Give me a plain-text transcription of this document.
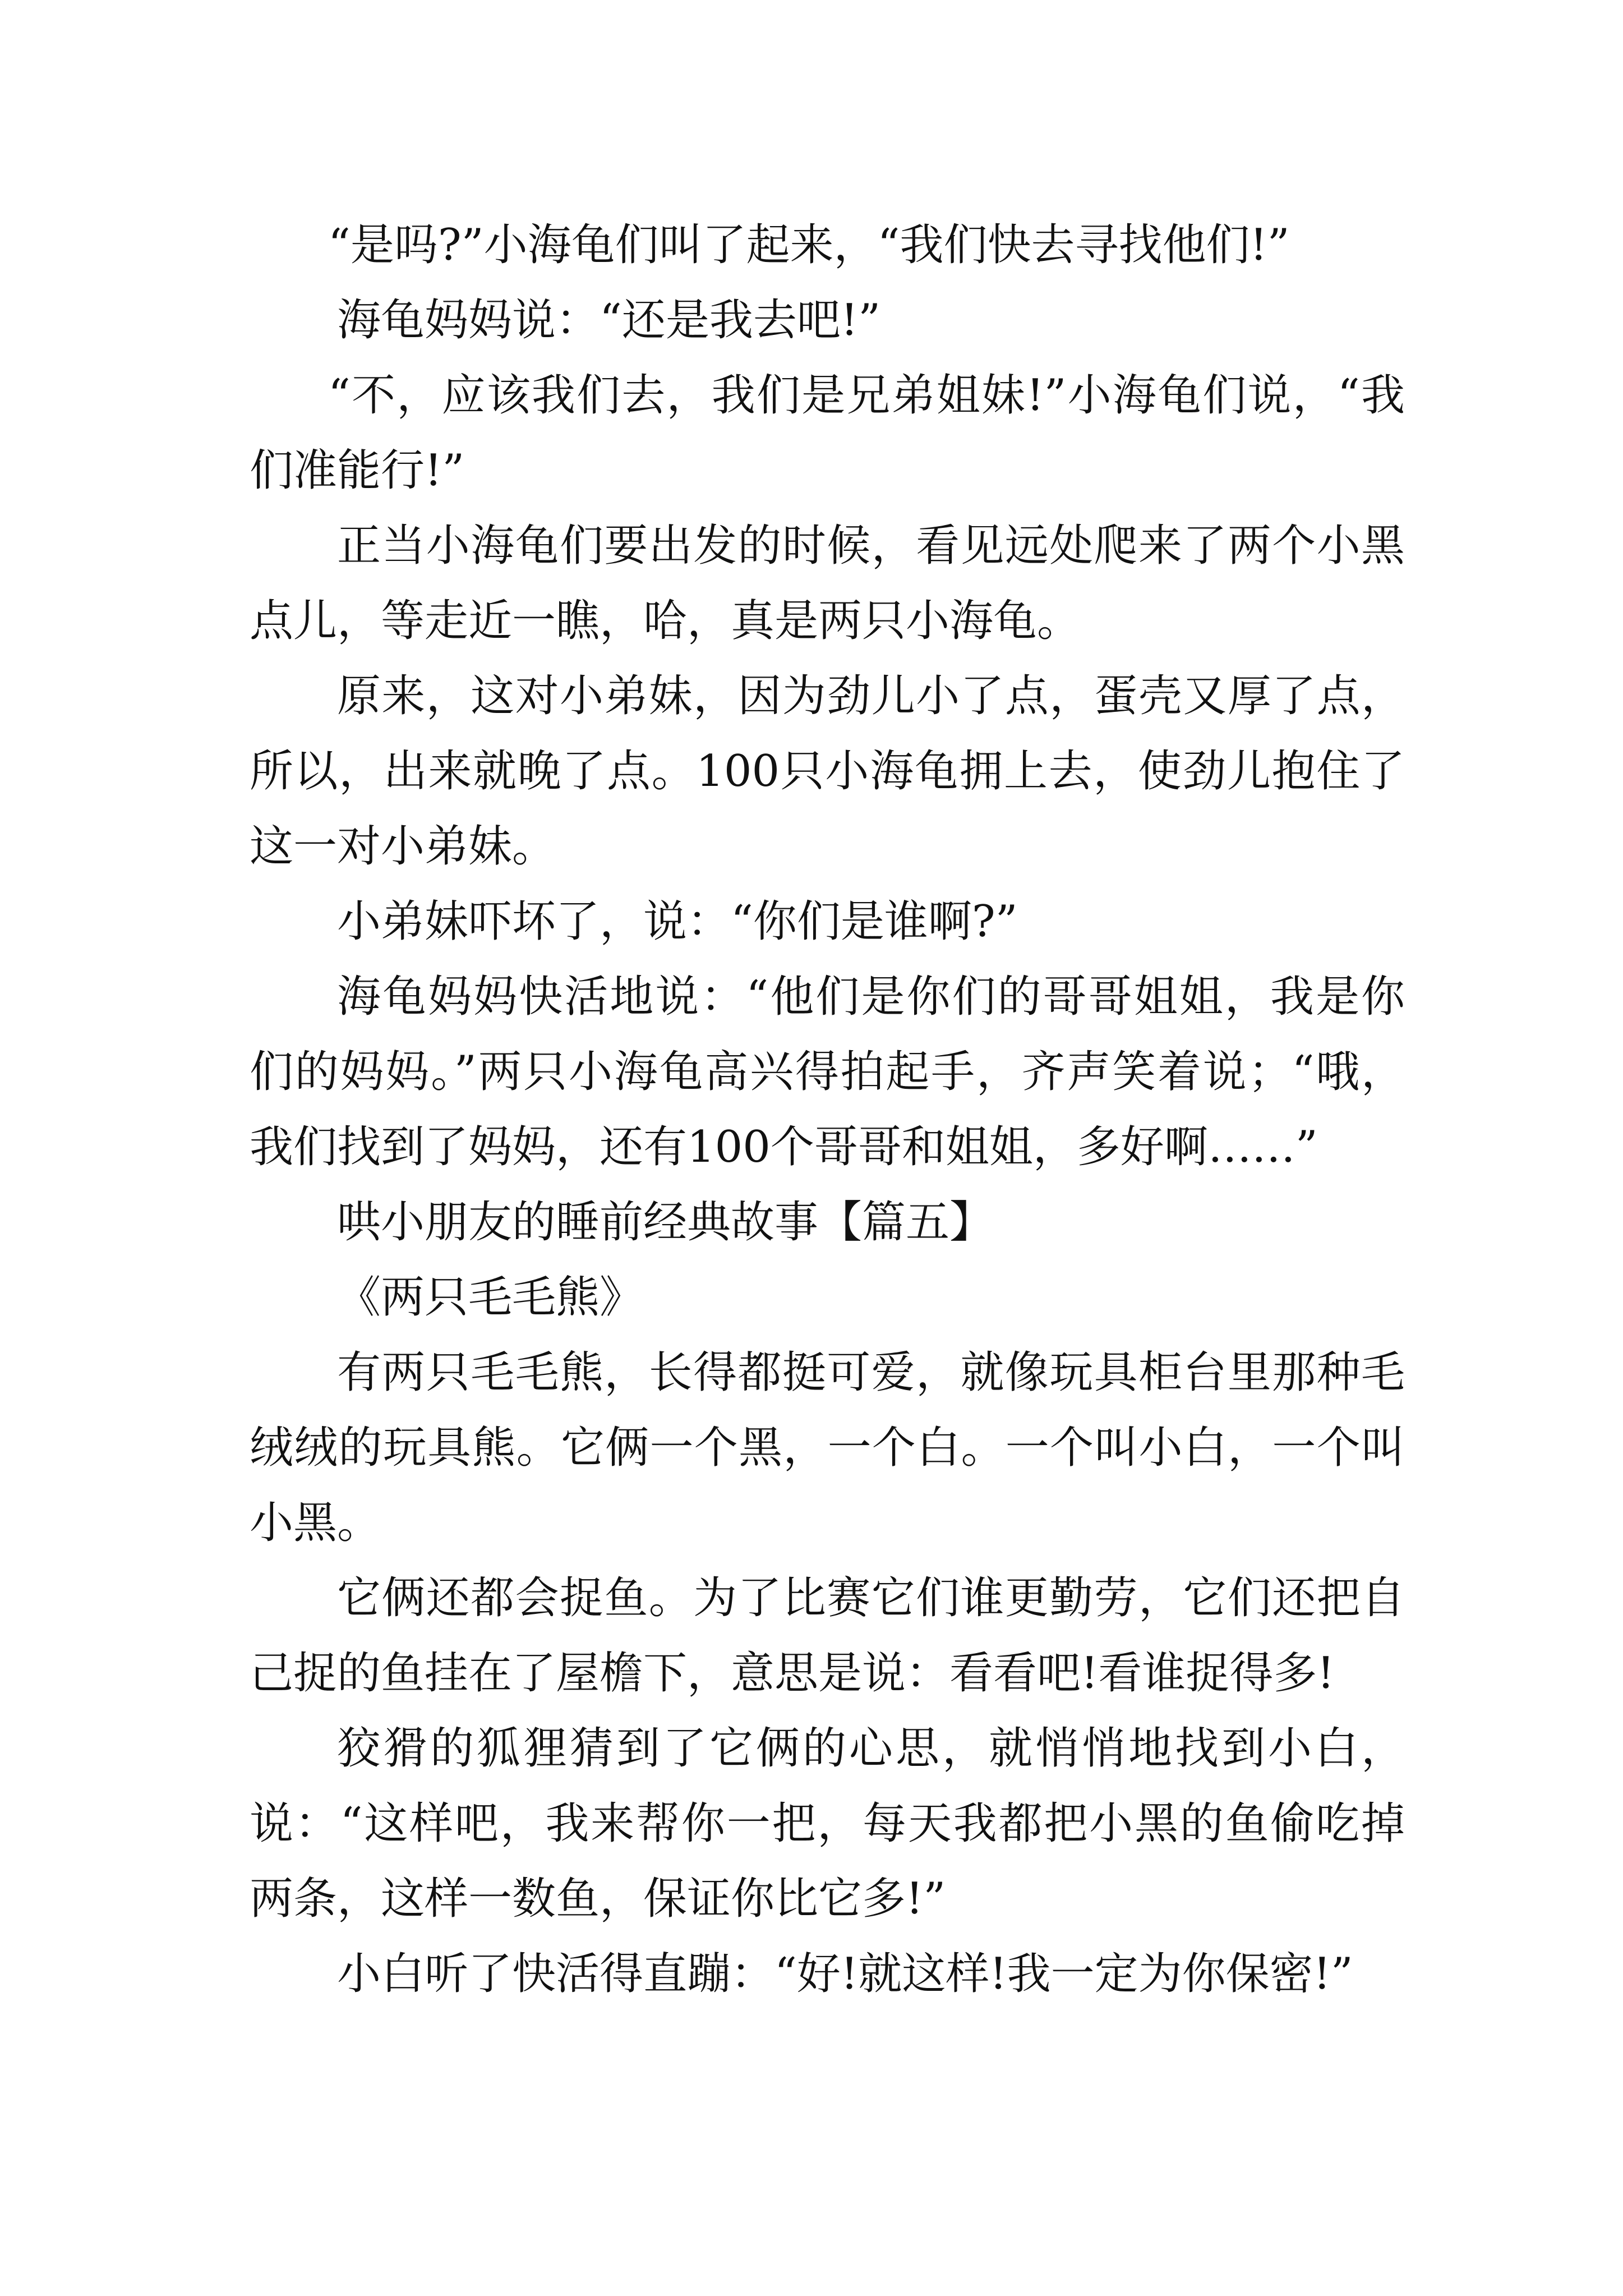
“是吗?”小海龟们叫了起来，“我们快去寻找他们!”

海龟妈妈说：“还是我去吧!”

“不，应该我们去，我们是兄弟姐妹!”小海龟们说，“我们准能行!”

正当小海龟们要出发的时候，看见远处爬来了两个小黑点儿，等走近一瞧，哈，真是两只小海龟。

原来，这对小弟妹，因为劲儿小了点，蛋壳又厚了点，所以，出来就晚了点。100只小海龟拥上去，使劲儿抱住了这一对小弟妹。

小弟妹吓坏了，说：“你们是谁啊?”

海龟妈妈快活地说：“他们是你们的哥哥姐姐，我是你们的妈妈。”两只小海龟高兴得拍起手，齐声笑着说；“哦，我们找到了妈妈，还有100个哥哥和姐姐，多好啊……”

哄小朋友的睡前经典故事【篇五】

《两只毛毛熊》

有两只毛毛熊，长得都挺可爱，就像玩具柜台里那种毛绒绒的玩具熊。它俩一个黑，一个白。一个叫小白，一个叫小黑。

它俩还都会捉鱼。为了比赛它们谁更勤劳，它们还把自己捉的鱼挂在了屋檐下，意思是说：看看吧!看谁捉得多!

狡猾的狐狸猜到了它俩的心思，就悄悄地找到小白，说：“这样吧，我来帮你一把，每天我都把小黑的鱼偷吃掉两条，这样一数鱼，保证你比它多!”

小白听了快活得直蹦：“好!就这样!我一定为你保密!”
